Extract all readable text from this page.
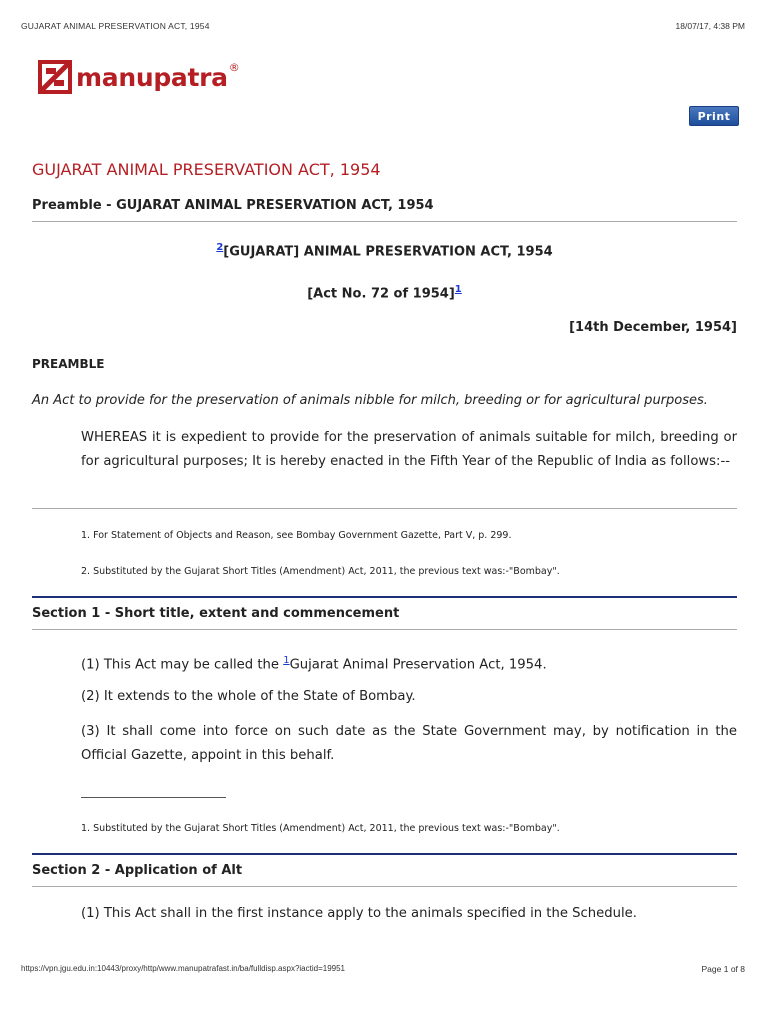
GUJARAT ANIMAL PRESERVATION ACT, 1954	18/07/17, 4:38 PM
manupatra ®
Print
GUJARAT ANIMAL PRESERVATION ACT, 1954
Preamble - GUJARAT ANIMAL PRESERVATION ACT, 1954
$^2$[GUJARAT] ANIMAL PRESERVATION ACT, 1954
[Act No. 72 of 1954]$^1$
[14th December, 1954]
PREAMBLE
An Act to provide for the preservation of animals nibble for milch, breeding or for agricultural purposes.
WHEREAS it is expedient to provide for the preservation of animals suitable for milch, breeding or for agricultural purposes; It is hereby enacted in the Fifth Year of the Republic of India as follows:--
1. For Statement of Objects and Reason, see Bombay Government Gazette, Part V, p. 299.
2. Substituted by the Gujarat Short Titles (Amendment) Act, 2011, the previous text was:-"Bombay".
Section 1 - Short title, extent and commencement
(1) This Act may be called the $^1$Gujarat Animal Preservation Act, 1954.
(2) It extends to the whole of the State of Bombay.
(3) It shall come into force on such date as the State Government may, by notification in the Official Gazette, appoint in this behalf.
1. Substituted by the Gujarat Short Titles (Amendment) Act, 2011, the previous text was:-"Bombay".
Section 2 - Application of Alt
(1) This Act shall in the first instance apply to the animals specified in the Schedule.
https://vpn.jgu.edu.in:10443/proxy/http/www.manupatrafast.in/ba/fulldisp.aspx?iactid=19951	Page 1 of 8
